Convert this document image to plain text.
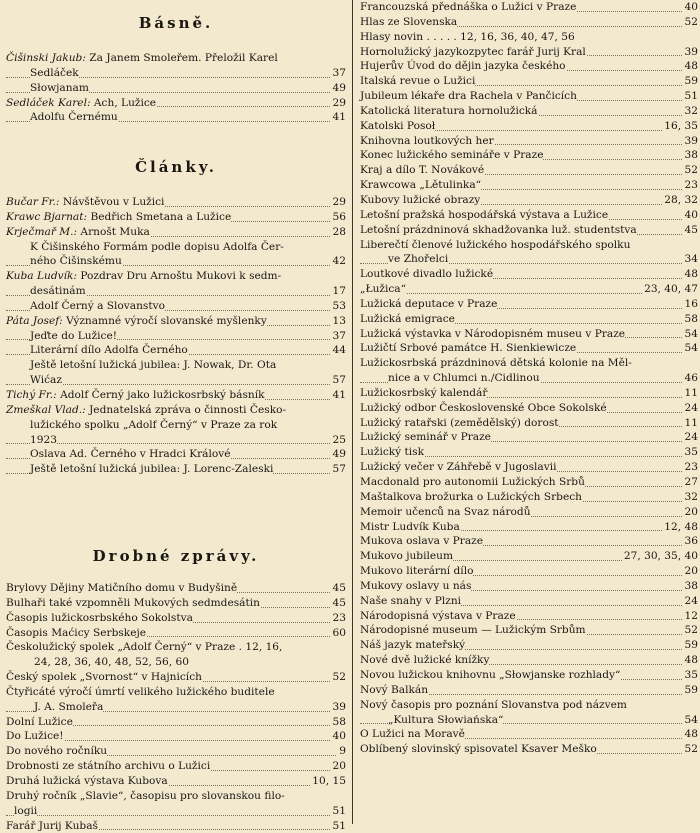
Básně.
Čišinski Jakub: Za Janem Smoleřem. Přeložil Karel
Sedláček	37
Słowjanam	49
Sedláček Karel: Ach, Lužice	29
Adolfu Černému	41
Články.
Bučar Fr.: Návštěvou v Lužici	29
Krawc Bjarnat: Bedřich Smetana a Lužice	56
Krječmař M.: Arnošt Muka	28
K Čišinského Formám podle dopisu Adolfa Čer-
ného Čišinskému	42
Kuba Ludvík: Pozdrav Dru Arnoštu Mukovi k sedm-
desátinám	17
Adolf Černý a Slovanstvo	53
Páta Josef: Významné výročí slovanské myšlenky	13
Jeďte do Lužice!	37
Literární dílo Adolfa Černého	44
Ještě letošní lužická jubilea: J. Nowak, Dr. Ota
Wićaz	57
Tichý Fr.: Adolf Černý jako lužickosrbský básník	41
Zmeškal Vlad.: Jednatelská zpráva o činnosti Česko-
lužického spolku „Adolf Černý“ v Praze za rok
1923	25
Oslava Ad. Černého v Hradci Králové	49
Ještě letošní lužická jubilea: J. Lorenc-Zaleski	57
Drobné zprávy.
Brylovy Dějiny Matičního domu v Budyšině	45
Bulhaři také vzpomněli Mukových sedmdesátin	45
Časopis lužickosrbského Sokolstva	23
Časopis Maćicy Serbskeje	60
Českolužický spolek „Adolf Černý“ v Praze . 12, 16,
24, 28, 36, 40, 48, 52, 56, 60
Český spolek „Svornost“ v Hajnicích	52
Čtyřicáté výročí úmrtí velikého lužického buditele
J. A. Smoleřa	39
Dolní Lužice	58
Do Lužice!	40
Do nového ročníku	9
Drobnosti ze státního archivu o Lužici	20
Druhá lužická výstava Kubova	10, 15
Druhý ročník „Slavie“, časopisu pro slovanskou filo-
logii	51
Farář Jurij Kubaš	51
Francouzská přednáška o Lužici v Praze	40
Hlas ze Slovenska	52
Hlasy novin . . . . . 12, 16, 36, 40, 47, 56
Hornolužický jazykozpytec farář Jurij Kral	39
Hujerův Úvod do dějin jazyka českého	48
Italská revue o Lužici	59
Jubileum lékaře dra Rachela v Pančicích	51
Katolická literatura hornolužická	32
Katolski Posoł	16, 35
Knihovna loutkových her	39
Konec lužického semináře v Praze	38
Kraj a dílo T. Novákové	52
Krawcowa „Lětulinka“	23
Kubovy lužické obrazy	28, 32
Letošní pražská hospodářská výstava a Lužice	40
Letošní prázdninová skhadžovanka luž. studentstva	45
Liberečtí členové lužického hospodářského spolku
ve Zhořelci	34
Loutkové divadlo lužické	48
„Łužica“	23, 40, 47
Lužická deputace v Praze	16
Lužická emigrace	58
Lužická výstavka v Národopisném museu v Praze	54
Lužičtí Srbové památce H. Sienkiewicze	54
Lužickosrbská prázdninová dětská kolonie na Měl-
nice a v Chlumci n./Cidlinou	46
Lužickosrbský kalendář	11
Lužický odbor Československé Obce Sokolské	24
Lužický ratařski (zemědělský) dorost	11
Lužický seminář v Praze	24
Lužický tisk	35
Lužický večer v Záhřebě v Jugoslavii	23
Macdonald pro autonomii Lužických Srbů	27
Maštalkova brožurka o Lužických Srbech	32
Memoir učenců na Svaz národů	20
Mistr Ludvík Kuba	12, 48
Mukova oslava v Praze	36
Mukovo jubileum	27, 30, 35, 40
Mukovo literární dílo	20
Mukovy oslavy u nás	38
Naše snahy v Plzni	24
Národopisná výstava v Praze	12
Národopisné museum — Lužickým Srbům	52
Náš jazyk mateřský	59
Nové dvě lužické knížky	48
Novou lužickou knihovnu „Słowjanske rozhlady“	35
Nový Balkán	59
Nový časopis pro poznání Slovanstva pod názvem
„Kultura Słowiańska“	54
O Lužici na Moravě	48
Oblíbený slovinský spisovatel Ksaver Meško	52
